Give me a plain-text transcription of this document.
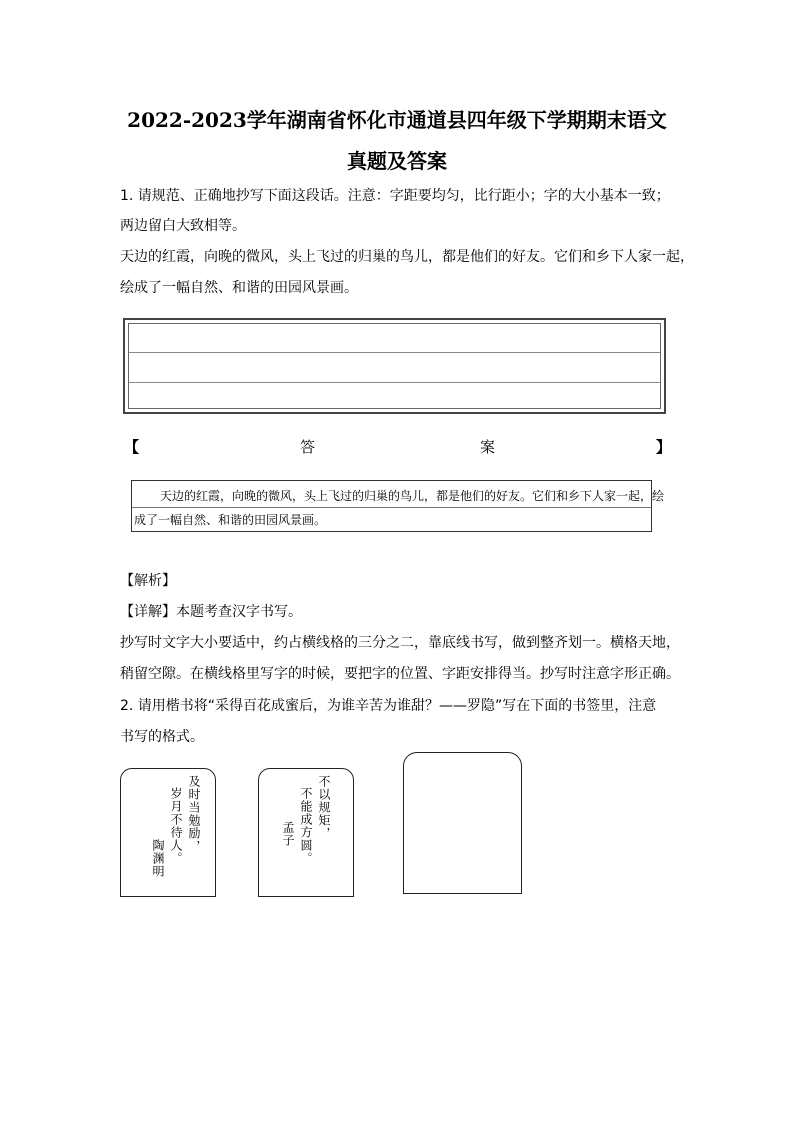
2022-2023学年湖南省怀化市通道县四年级下学期期末语文
真题及答案
1. 请规范、正确地抄写下面这段话。注意：字距要均匀，比行距小；字的大小基本一致；
两边留白大致相等。
天边的红霞，向晚的微风，头上飞过的归巢的鸟儿，都是他们的好友。它们和乡下人家一起，
绘成了一幅自然、和谐的田园风景画。
【	答	案	】
天边的红霞，向晚的微风，头上飞过的归巢的鸟儿，都是他们的好友。它们和乡下人家一起，绘
成了一幅自然、和谐的田园风景画。
【解析】
【详解】本题考查汉字书写。
抄写时文字大小要适中，约占横线格的三分之二，靠底线书写，做到整齐划一。横格天地，
稍留空隙。在横线格里写字的时候，要把字的位置、字距安排得当。抄写时注意字形正确。
2. 请用楷书将“采得百花成蜜后，为谁辛苦为谁甜？——罗隐”写在下面的书签里，注意
书写的格式。
及时当勉励，
岁月不待人。
陶渊明
不以规矩，
不能成方圆。
孟子
